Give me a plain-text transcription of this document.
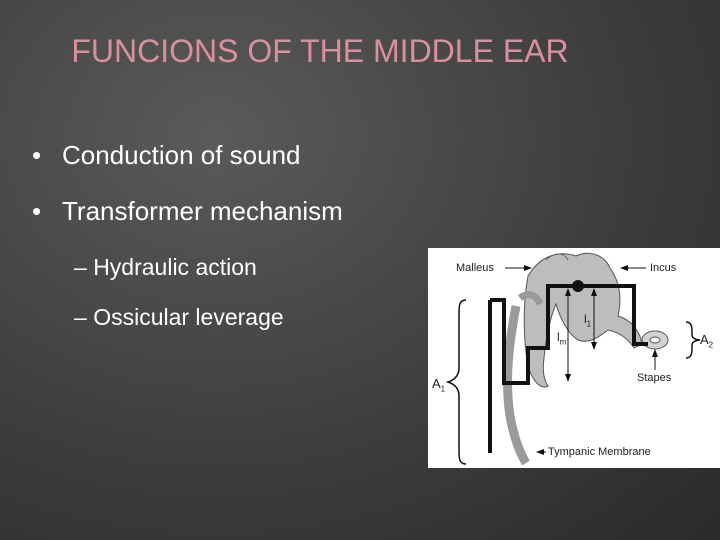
FUNCIONS OF THE MIDDLE EAR
• Conduction of sound
• Transformer mechanism
– Hydraulic action
– Ossicular leverage
Malleus	Incus
Stapes
Tympanic Membrane
$A_1$
$A_2$
$l_m$
$l_1$
